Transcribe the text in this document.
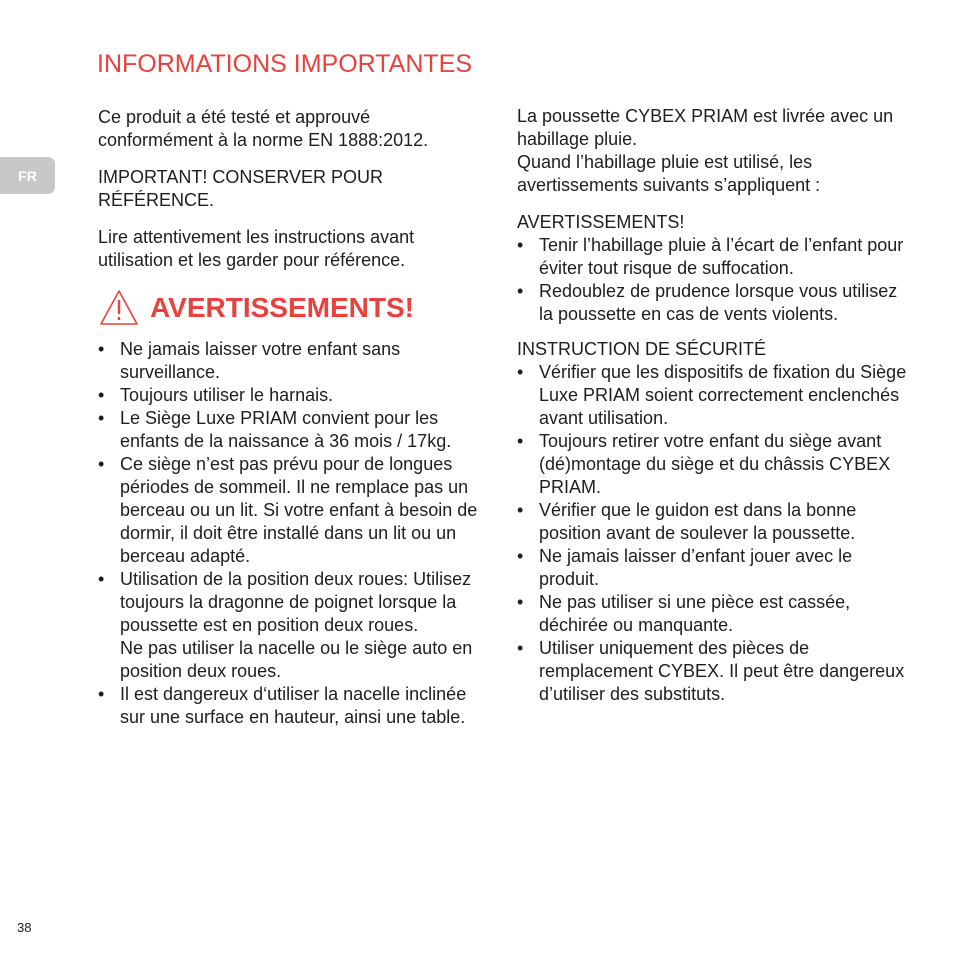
INFORMATIONS IMPORTANTES
FR

Ce produit a été testé et approuvé conformément à la norme EN 1888:2012.

IMPORTANT! CONSERVER POUR RÉFÉRENCE.

Lire attentivement les instructions avant utilisation et les garder pour référence.

AVERTISSEMENTS!
• Ne jamais laisser votre enfant sans surveillance.
• Toujours utiliser le harnais.
• Le Siège Luxe PRIAM convient pour les enfants de la naissance à 36 mois / 17kg.
• Ce siège n’est pas prévu pour de longues périodes de sommeil. Il ne remplace pas un berceau ou un lit. Si votre enfant à besoin de dormir, il doit être installé dans un lit ou un berceau adapté.
• Utilisation de la position deux roues: Utilisez toujours la dragonne de poignet lorsque la poussette est en position deux roues.
Ne pas utiliser la nacelle ou le siège auto en position deux roues.
• Il est dangereux d‘utiliser la nacelle inclinée sur une surface en hauteur, ainsi une table.

La poussette CYBEX PRIAM est livrée avec un habillage pluie.

Quand l’habillage pluie est utilisé, les avertissements suivants s’appliquent :

AVERTISSEMENTS!

• Tenir l’habillage pluie à l’écart de l’enfant pour éviter tout risque de suffocation.
• Redoublez de prudence lorsque vous utilisez la poussette en cas de vents violents.

INSTRUCTION DE SÉCURITÉ

• Vérifier que les dispositifs de fixation du Siège Luxe PRIAM soient correctement enclenchés avant utilisation.
• Toujours retirer votre enfant du siège avant (dé)montage du siège et du châssis CYBEX PRIAM.
• Vérifier que le guidon est dans la bonne position avant de soulever la poussette.
• Ne jamais laisser d’enfant jouer avec le produit.
• Ne pas utiliser si une pièce est cassée, déchirée ou manquante.
• Utiliser uniquement des pièces de remplacement CYBEX. Il peut être dangereux d’utiliser des substituts.
38
